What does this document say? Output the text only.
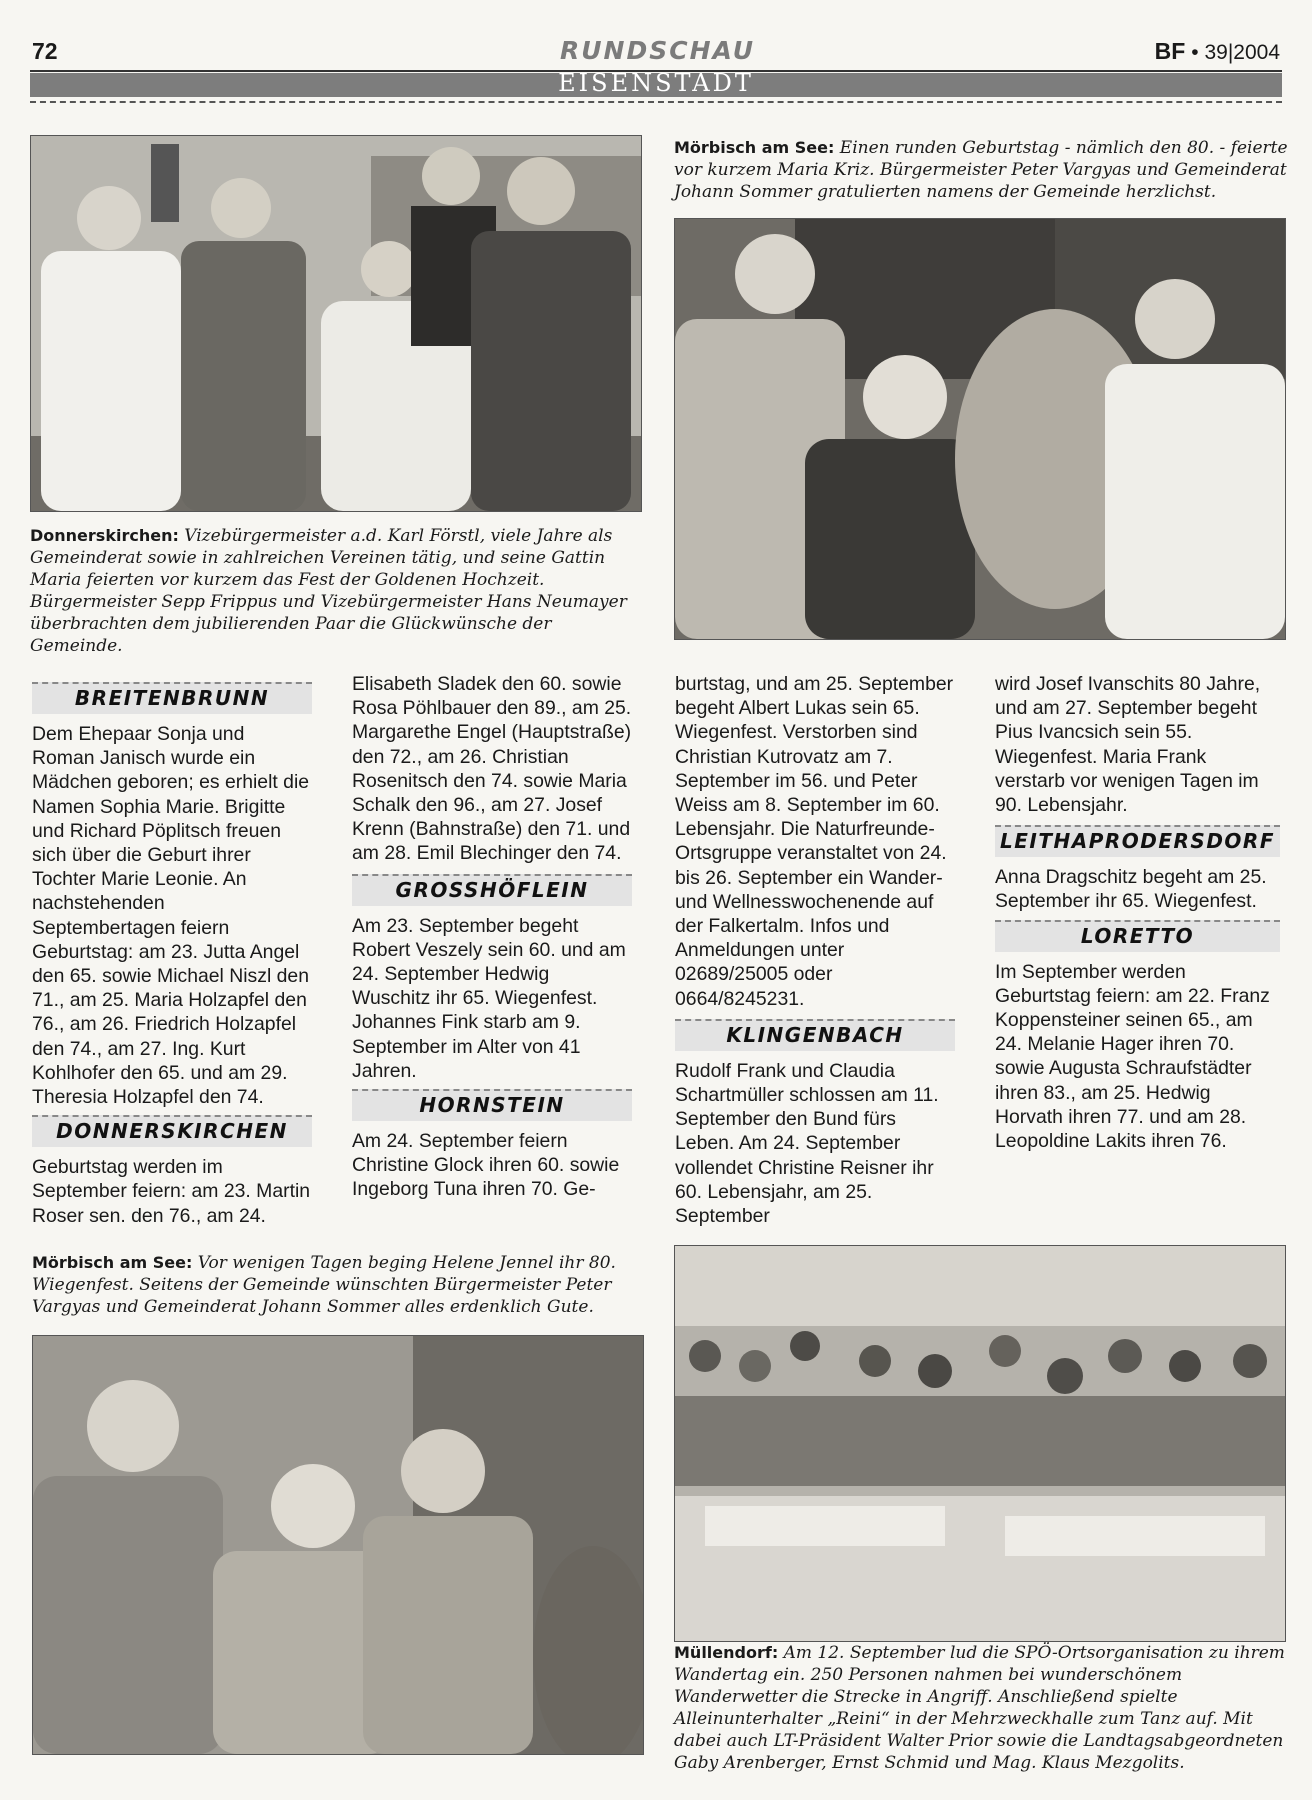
72	RUNDSCHAU	BF • 39|2004
EISENSTADT
Mörbisch am See: Einen runden Geburtstag - nämlich den 80. - feierte vor kurzem Maria Kriz. Bürgermeister Peter Vargyas und Gemeinderat Johann Sommer gratulierten namens der Gemeinde herzlichst.
Donnerskirchen: Vizebürgermeister a.d. Karl Förstl, viele Jahre als Gemeinderat sowie in zahlreichen Vereinen tätig, und seine Gattin Maria feierten vor kurzem das Fest der Goldenen Hochzeit. Bürgermeister Sepp Frippus und Vizebürgermeister Hans Neumayer überbrachten dem jubilierenden Paar die Glückwünsche der Gemeinde.
BREITENBRUNN

Dem Ehepaar Sonja und Roman Janisch wurde ein Mädchen geboren; es erhielt die Namen Sophia Marie. Brigitte und Richard Pöplitsch freuen sich über die Geburt ihrer Tochter Marie Leonie. An nachstehenden Septembertagen feiern Geburtstag: am 23. Jutta Angel den 65. sowie Michael Niszl den 71., am 25. Maria Holzapfel den 76., am 26. Friedrich Holzapfel den 74., am 27. Ing. Kurt Kohlhofer den 65. und am 29. Theresia Holzapfel den 74.

DONNERSKIRCHEN

Geburtstag werden im September feiern: am 23. Martin Roser sen. den 76., am 24.

Elisabeth Sladek den 60. sowie Rosa Pöhlbauer den 89., am 25. Margarethe Engel (Hauptstraße) den 72., am 26. Christian Rosenitsch den 74. sowie Maria Schalk den 96., am 27. Josef Krenn (Bahnstraße) den 71. und am 28. Emil Blechinger den 74.

GROSSHÖFLEIN

Am 23. September begeht Robert Veszely sein 60. und am 24. September Hedwig Wuschitz ihr 65. Wiegenfest. Johannes Fink starb am 9. September im Alter von 41 Jahren.

HORNSTEIN

Am 24. September feiern Christine Glock ihren 60. sowie Ingeborg Tuna ihren 70. Ge-

burtstag, und am 25. September begeht Albert Lukas sein 65. Wiegenfest. Verstorben sind Christian Kutrovatz am 7. September im 56. und Peter Weiss am 8. September im 60. Lebensjahr. Die Naturfreunde-Ortsgruppe veranstaltet von 24. bis 26. September ein Wander- und Wellnesswochenende auf der Falkertalm. Infos und Anmeldungen unter 02689/25005 oder 0664/8245231.

KLINGENBACH

Rudolf Frank und Claudia Schartmüller schlossen am 11. September den Bund fürs Leben. Am 24. September vollendet Christine Reisner ihr 60. Lebensjahr, am 25. September

wird Josef Ivanschits 80 Jahre, und am 27. September begeht Pius Ivancsich sein 55. Wiegenfest. Maria Frank verstarb vor wenigen Tagen im 90. Lebensjahr.

LEITHAPRODERSDORF

Anna Dragschitz begeht am 25. September ihr 65. Wiegenfest.

LORETTO

Im September werden Geburtstag feiern: am 22. Franz Koppensteiner seinen 65., am 24. Melanie Hager ihren 70. sowie Augusta Schraufstädter ihren 83., am 25. Hedwig Horvath ihren 77. und am 28. Leopoldine Lakits ihren 76.

Mörbisch am See: Vor wenigen Tagen beging Helene Jennel ihr 80. Wiegenfest. Seitens der Gemeinde wünschten Bürgermeister Peter Vargyas und Gemeinderat Johann Sommer alles erdenklich Gute.
Müllendorf: Am 12. September lud die SPÖ-Ortsorganisation zu ihrem Wandertag ein. 250 Personen nahmen bei wunderschönem Wanderwetter die Strecke in Angriff. Anschließend spielte Alleinunterhalter „Reini“ in der Mehrzweckhalle zum Tanz auf. Mit dabei auch LT-Präsident Walter Prior sowie die Landtagsabgeordneten Gaby Arenberger, Ernst Schmid und Mag. Klaus Mezgolits.
